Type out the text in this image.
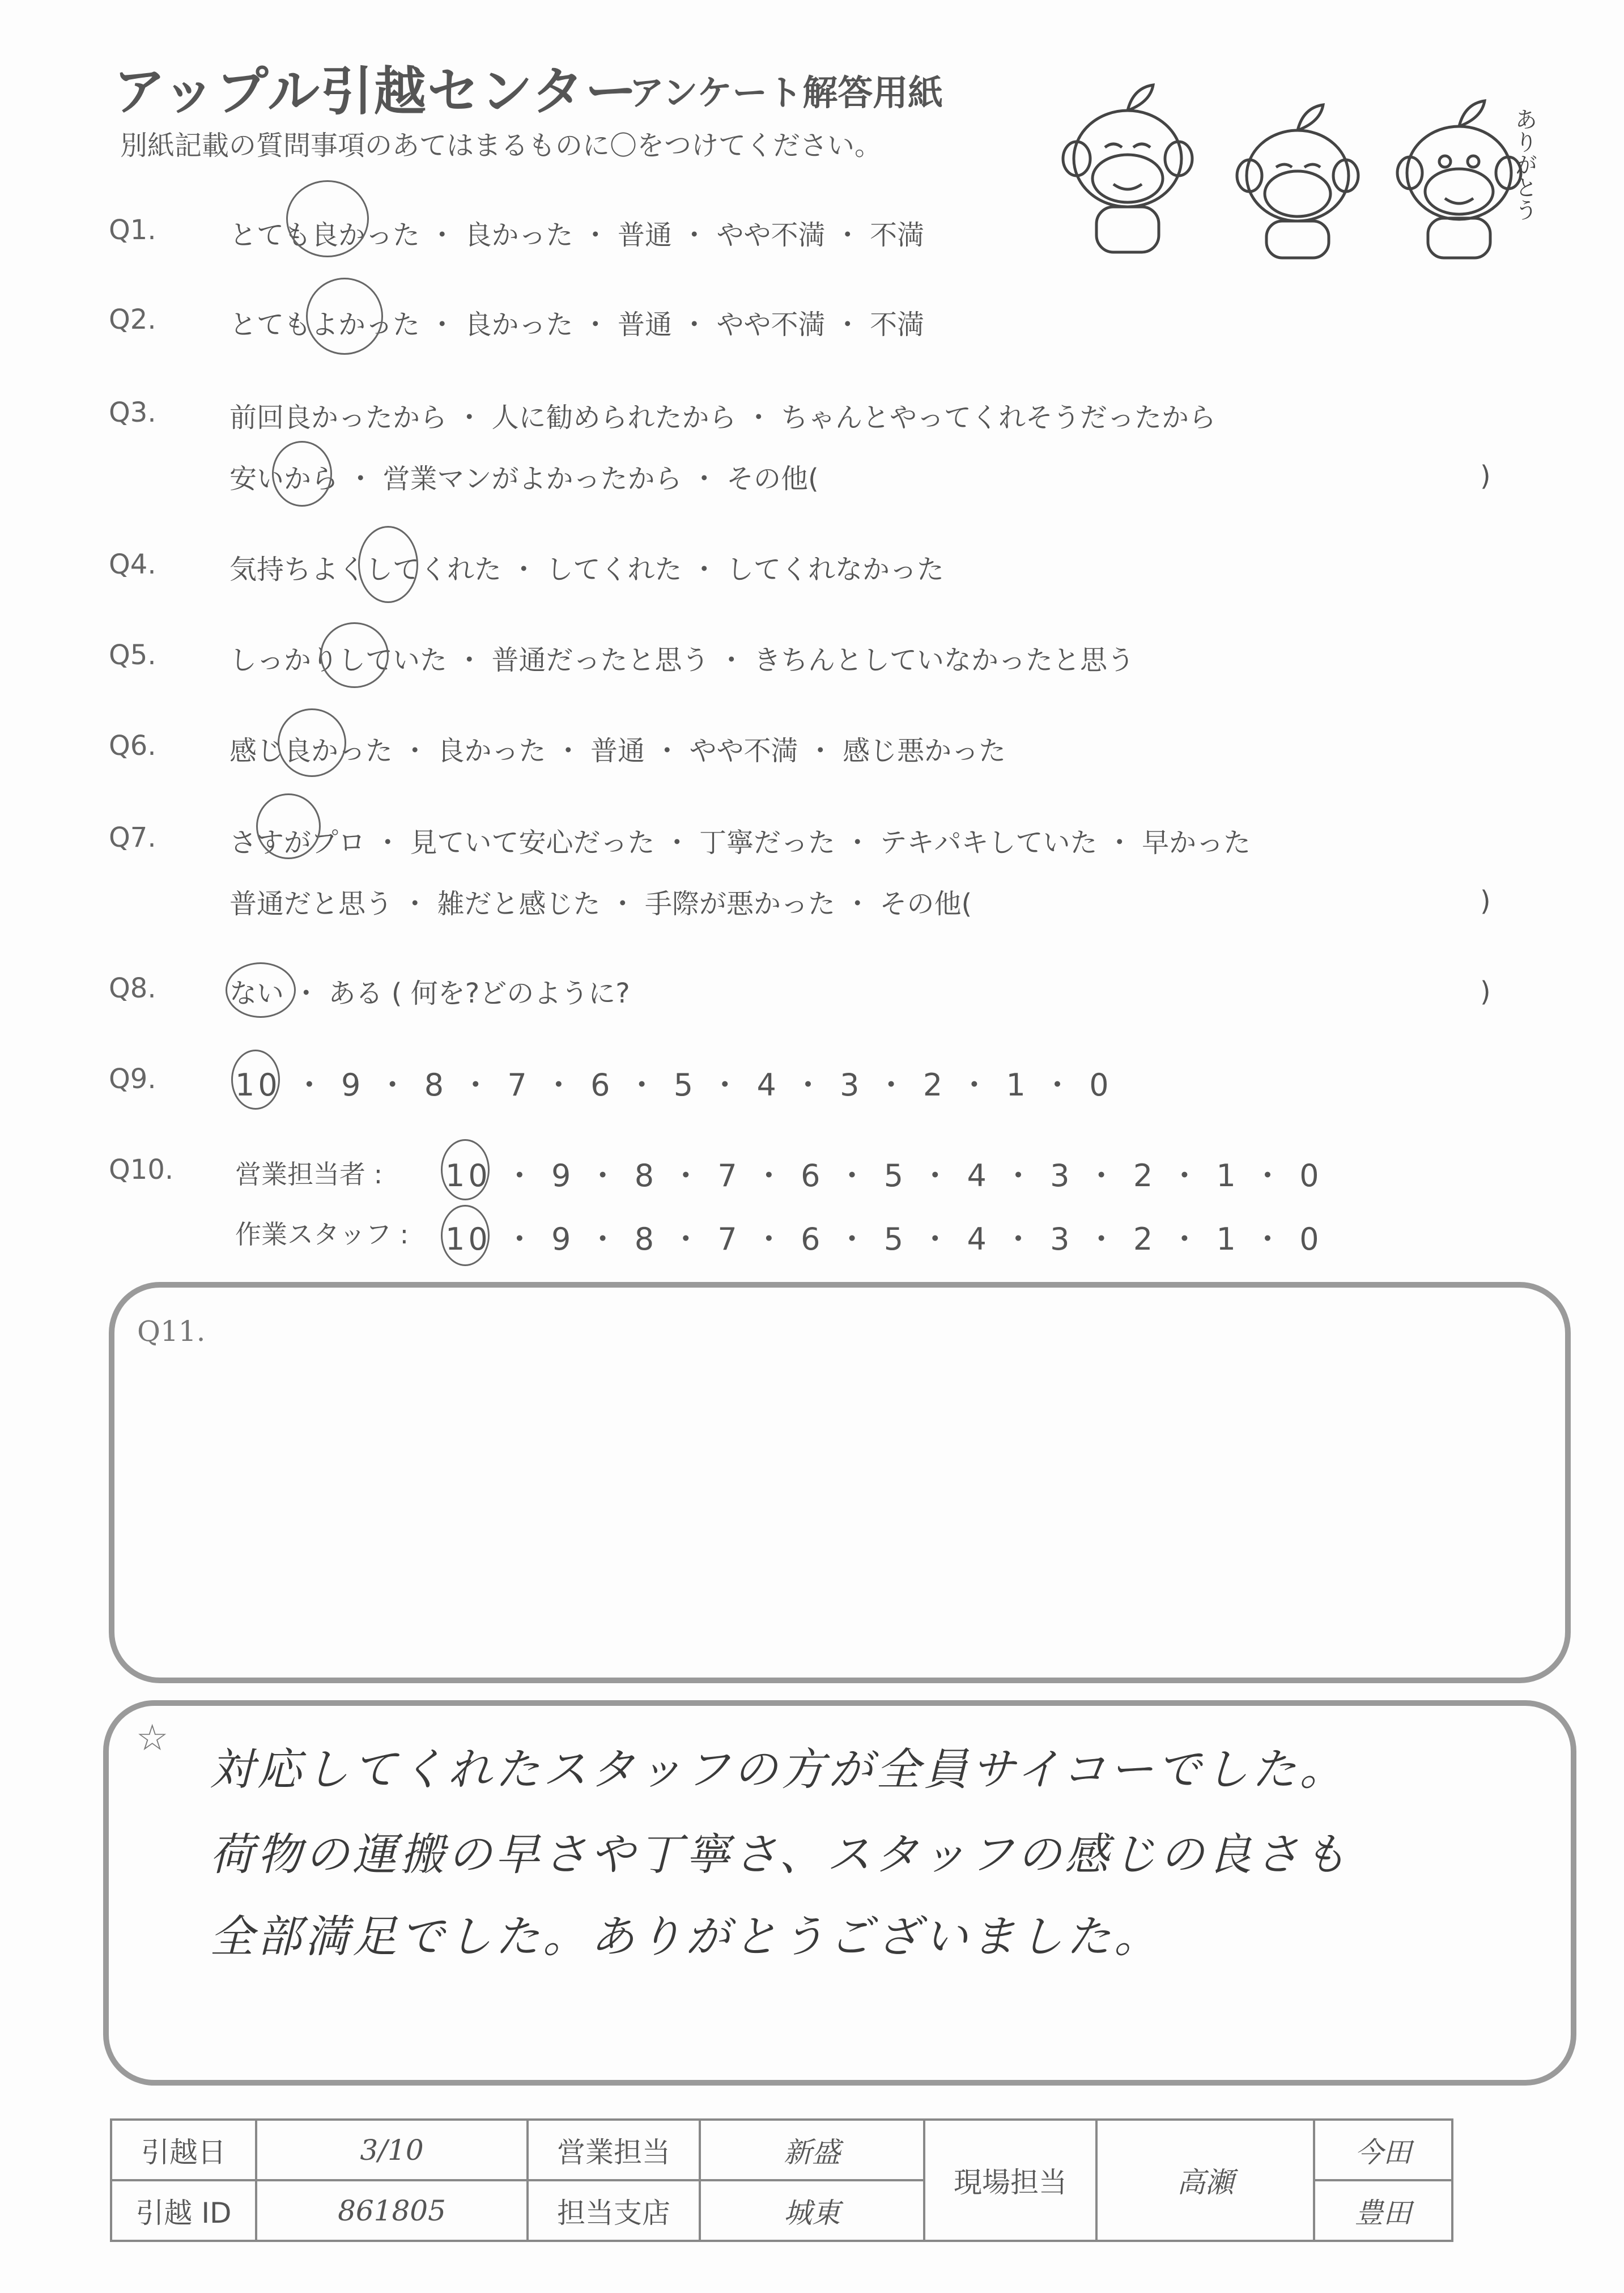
アップル引越センター
アンケート解答用紙
別紙記載の質問事項のあてはまるものに〇をつけてください。	ありがとう
Q1.	とても良かった ・ 良かった ・ 普通 ・ やや不満 ・ 不満
Q2.	とてもよかった ・ 良かった ・ 普通 ・ やや不満 ・ 不満
Q3.	前回良かったから ・ 人に勧められたから ・ ちゃんとやってくれそうだったから
安いから ・ 営業マンがよかったから ・ その他(	)
Q4.	気持ちよくしてくれた ・ してくれた ・ してくれなかった
Q5.	しっかりしていた ・ 普通だったと思う ・ きちんとしていなかったと思う
Q6.	感じ良かった ・ 良かった ・ 普通 ・ やや不満 ・ 感じ悪かった
Q7.	さすがプロ ・ 見ていて安心だった ・ 丁寧だった ・ テキパキしていた ・ 早かった
普通だと思う ・ 雑だと感じた ・ 手際が悪かった ・ その他(	)
Q8.	ない ・ ある ( 何を?どのように?	)
Q9.	10 ・ 9 ・ 8 ・ 7 ・ 6 ・ 5 ・ 4 ・ 3 ・ 2 ・ 1 ・ 0
Q10. 営業担当者 : 10 ・ 9 ・ 8 ・ 7 ・ 6 ・ 5 ・ 4 ・ 3 ・ 2 ・ 1 ・ 0
作業スタッフ : 10 ・ 9 ・ 8 ・ 7 ・ 6 ・ 5 ・ 4 ・ 3 ・ 2 ・ 1 ・ 0
Q11.
☆
対応してくれたスタッフの方が全員サイコーでした。
荷物の運搬の早さや丁寧さ、スタッフの感じの良さも
全部満足でした。ありがとうございました。
引越日	3/10	営業担当	新盛	現場担当	高瀬	今田
引越 ID	861805	担当支店	城東			豊田
